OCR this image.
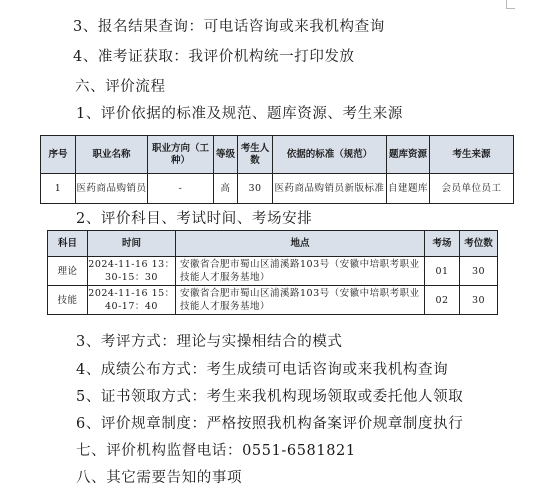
3、报名结果查询：可电话咨询或来我机构查询
4、准考证获取：我评价机构统一打印发放
六、评价流程
1、评价依据的标准及规范、题库资源、考生来源
序号	职业名称	职业方向（工种）	等级	考生人数	依据的标准（规范）	题库资源	考生来源
1	医药商品购销员	-	高	30	医药商品购销员新版标准	自建题库	会员单位员工
2、评价科目、考试时间、考场安排
科目	时间	地点	考场	考位数
理论	2024-11-16 13：30-15：30	安徽省合肥市蜀山区浦溪路103号（安徽中培职考职业技能人才服务基地）	01	30
技能	2024-11-16 15：40-17：40	安徽省合肥市蜀山区浦溪路103号（安徽中培职考职业技能人才服务基地）	02	30
3、考评方式：理论与实操相结合的模式
4、成绩公布方式：考生成绩可电话咨询或来我机构查询
5、证书领取方式：考生来我机构现场领取或委托他人领取
6、评价规章制度：严格按照我机构备案评价规章制度执行
七、评价机构监督电话：0551-6581821
八、其它需要告知的事项
